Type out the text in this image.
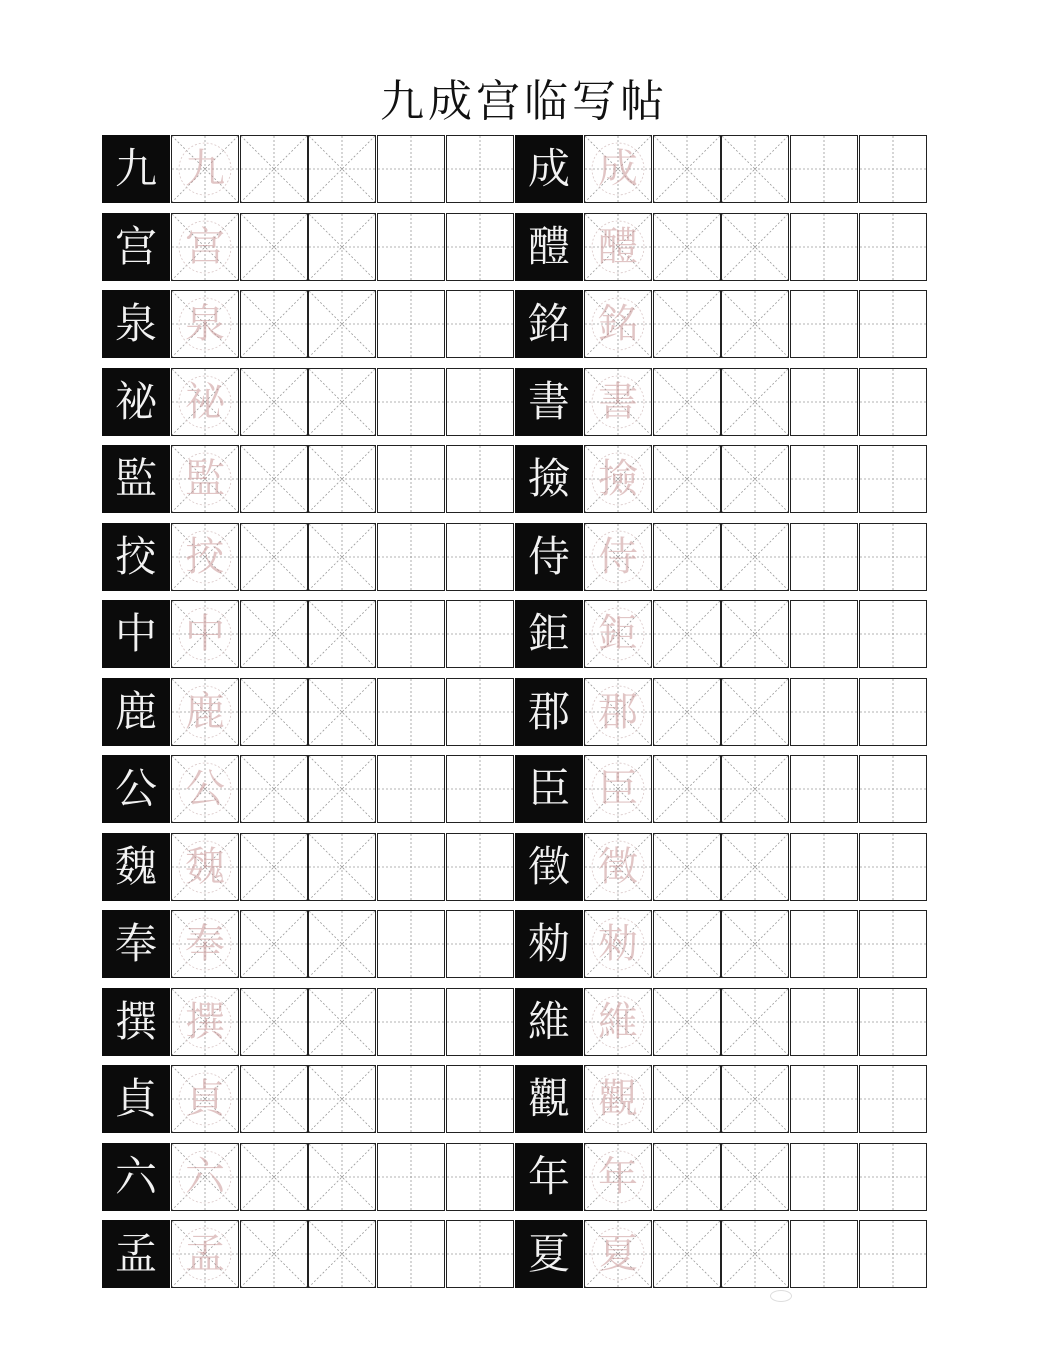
九成宫临写帖
九 九	成 成
宫 宫	醴 醴
泉 泉	銘 銘
祕 祕	書 書
監 監	撿 撿
挍 挍	侍 侍
中 中	鉅 鉅
鹿 鹿	郡 郡
公 公	臣 臣
魏 魏	徵 徵
奉 奉	勑 勑
撰 撰	維 維
貞 貞	觀 觀
六 六	年 年
孟 孟	夏 夏
